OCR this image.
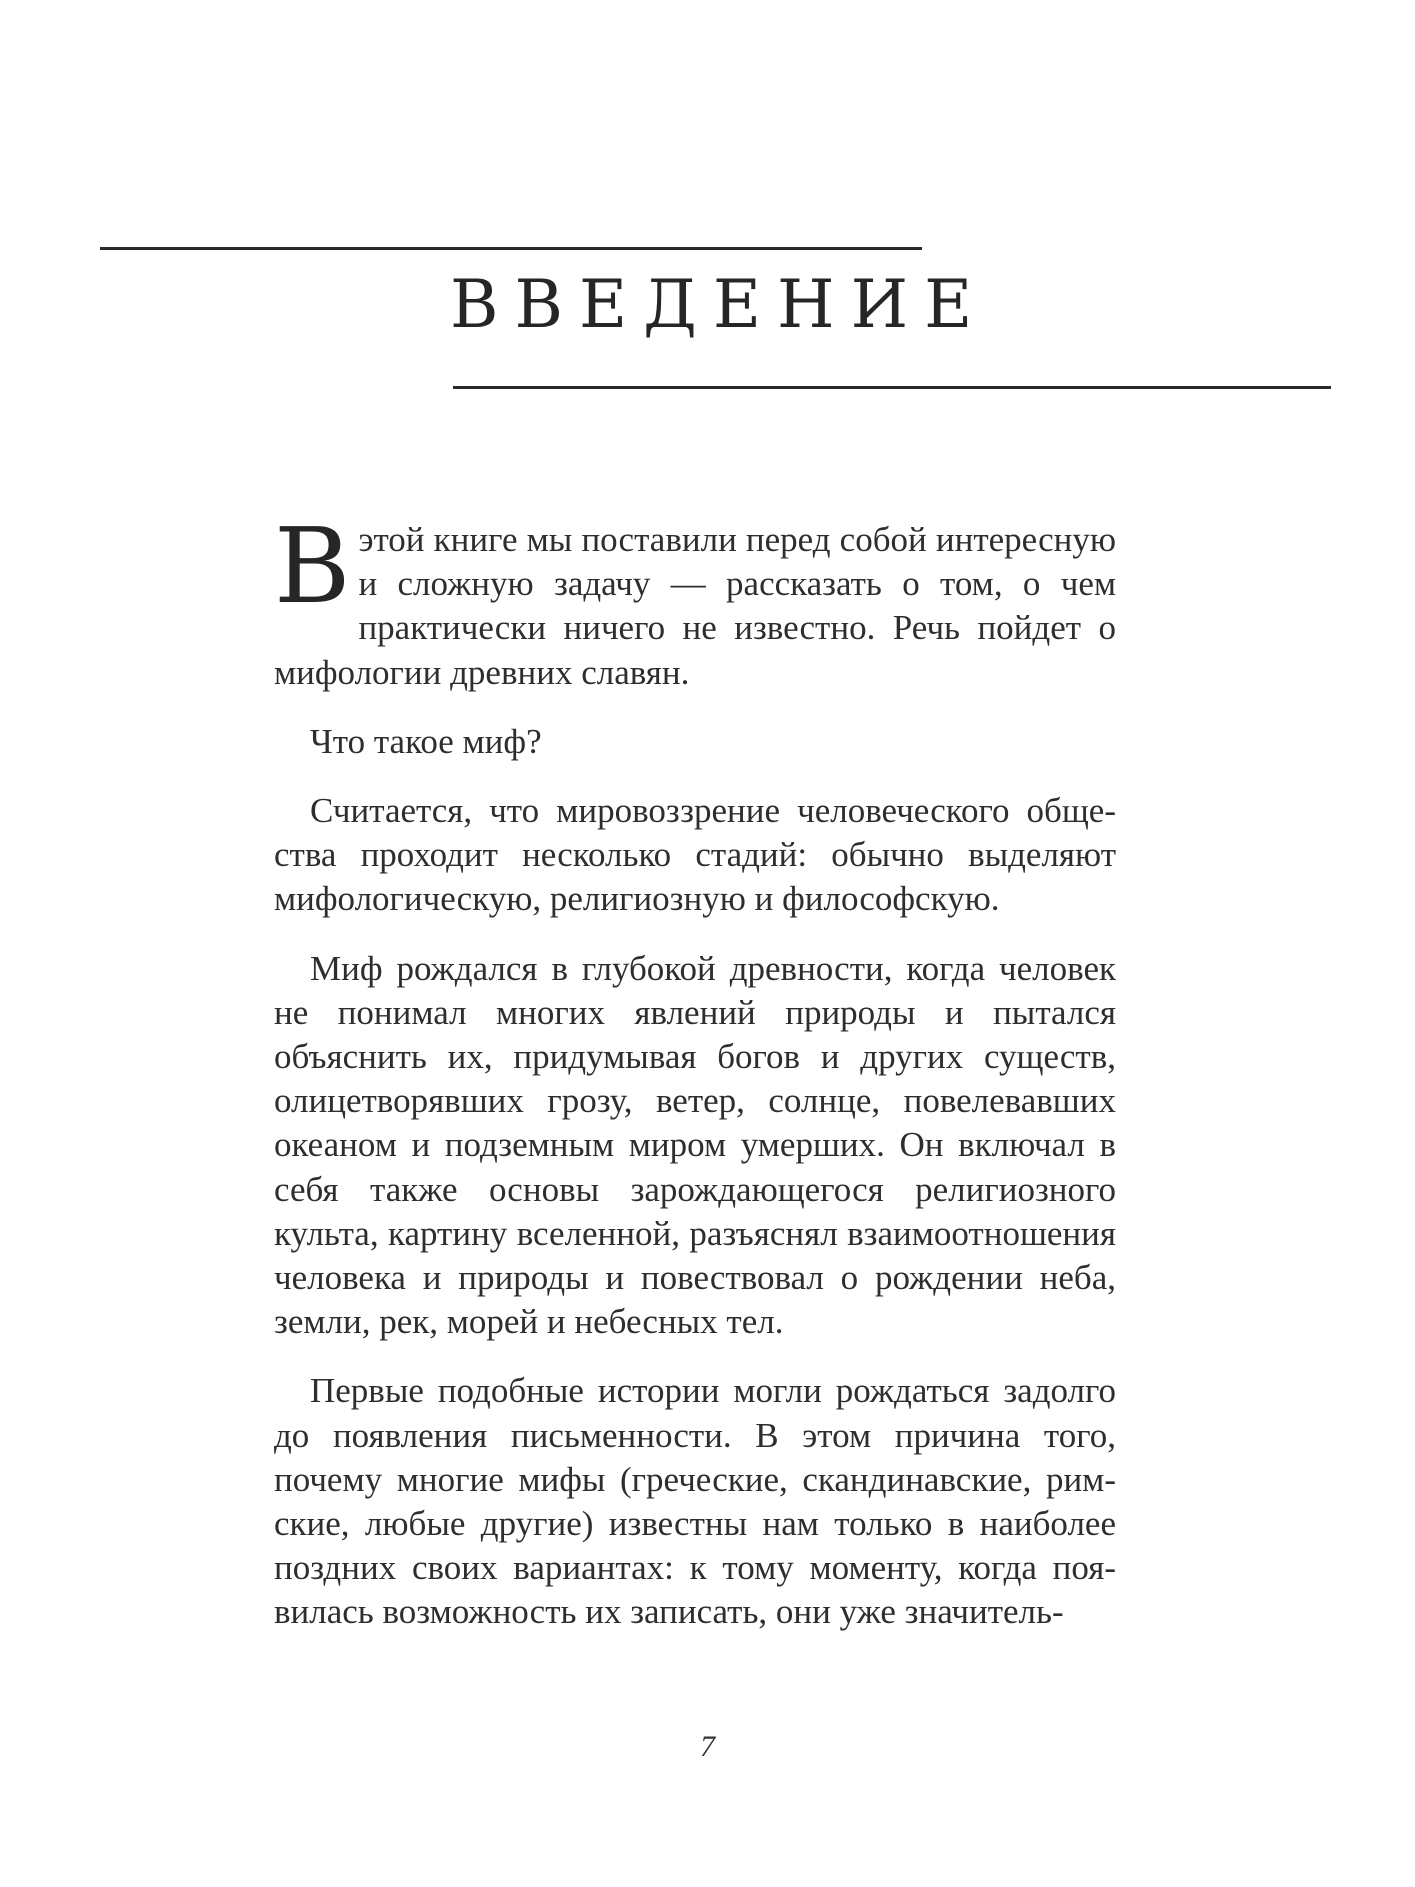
ВВЕДЕНИЕ

Вэтой книге мы поставили перед собой интересную и сложную задачу — рассказать о том, о чем практически ничего не известно. Речь пойдет о мифологии древних славян.

Что такое миф?

Считается, что мировоззрение человеческого общества проходит несколько стадий: обычно выделяют мифологическую, религиозную и философскую.

Миф рождался в глубокой древности, когда человек не понимал многих явлений природы и пытался объяснить их, придумывая богов и других существ, олицетворявших грозу, ветер, солнце, повелевавших океаном и подземным миром умерших. Он включал в себя также основы зарождающегося религиозного культа, картину вселенной, разъяснял взаимоотношения человека и природы и повествовал о рождении неба, земли, рек, морей и небесных тел.

Первые подобные истории могли рождаться задолго до появления письменности. В этом причина того, почему многие мифы (греческие, скандинавские, римские, любые другие) известны нам только в наиболее поздних своих вариантах: к тому моменту, когда появилась возможность их записать, они уже значитель-

7
